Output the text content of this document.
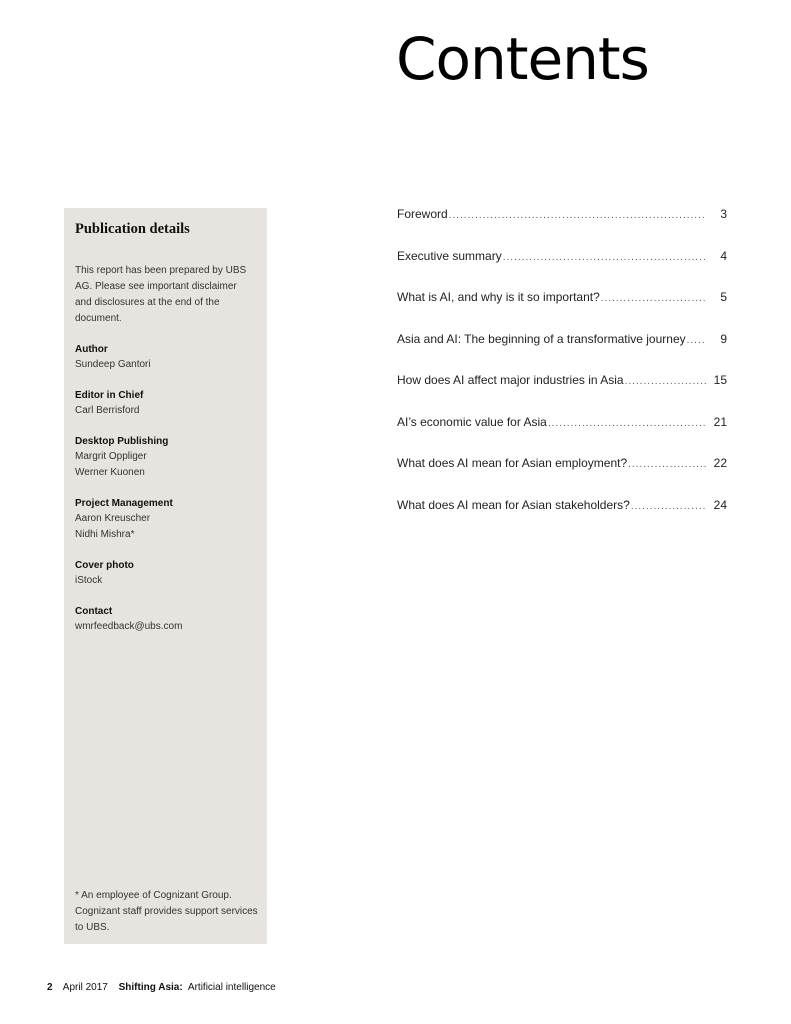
Contents
Publication details

This report has been prepared by UBS AG. Please see important disclaimer and disclosures at the end of the document.

Author
Sundeep Gantori
Editor in Chief
Carl Berrisford
Desktop Publishing
Margrit Oppliger
Werner Kuonen
Project Management
Aaron Kreuscher
Nidhi Mishra*
Cover photo
iStock
Contact
wmrfeedback@ubs.com

* An employee of Cognizant Group. Cognizant staff provides support services to UBS.

Foreword .....	3
Executive summary .....	4
What is AI, and why is it so important? .....	5
Asia and AI: The beginning of a transformative journey .....	9
How does AI affect major industries in Asia .....	15
AI’s economic value for Asia .....	21
What does AI mean for Asian employment? .....	22
What does AI mean for Asian stakeholders? .....	24
2 April 2017 Shifting Asia: Artificial intelligence
